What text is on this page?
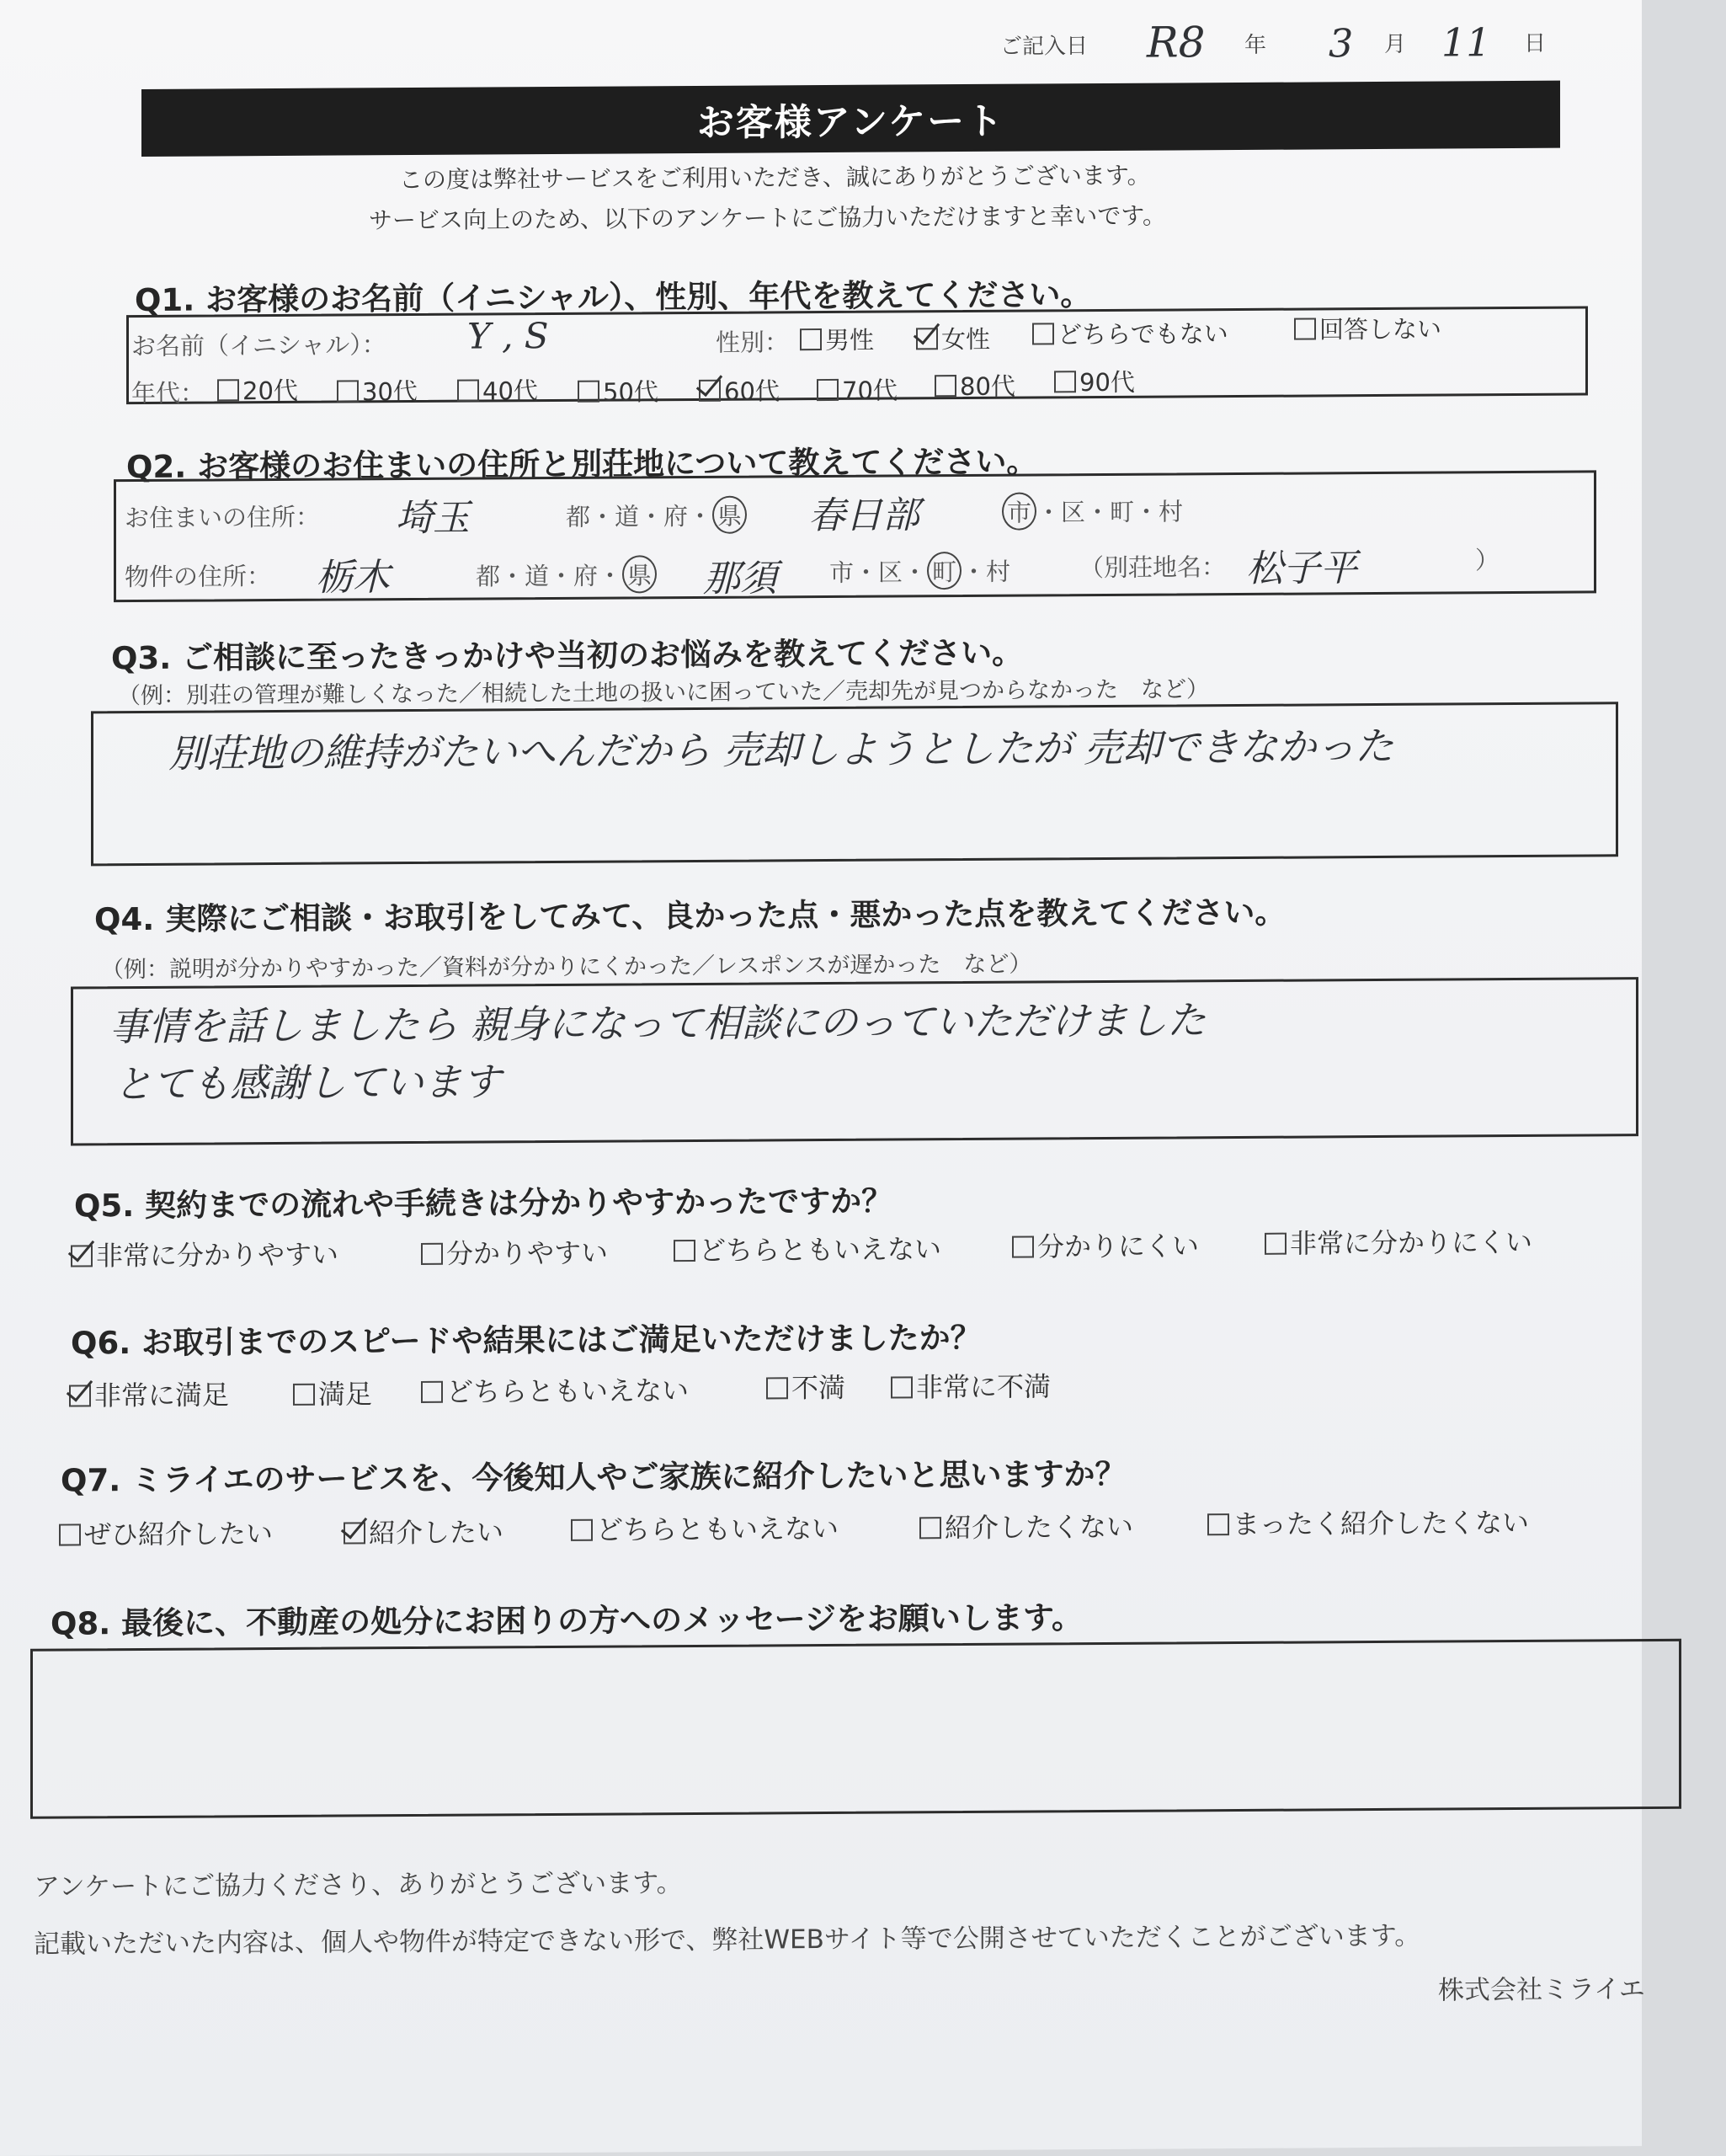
ご記入日 R8 年 3 月 11 日
お客様アンケート
この度は弊社サービスをご利用いただき、誠にありがとうございます。
サービス向上のため、以下のアンケートにご協力いただけますと幸いです。
Q1. お客様のお名前（イニシャル）、性別、年代を教えてください。
お名前（イニシャル）： Y , S	性別：	男性	女性	どちらでもない	回答しない
年代：	20代	30代	40代	50代	60代	70代	80代	90代
Q2. お客様のお住まいの住所と別荘地について教えてください。
お住まいの住所： 埼玉	都・道・府・ 県 春日部	市 ・区・町・村
物件の住所： 栃木	都・道・府・ 県 那須 市・区・ 町 ・村	（別荘地名： 松子平	）
Q3. ご相談に至ったきっかけや当初のお悩みを教えてください。
（例：別荘の管理が難しくなった／相続した土地の扱いに困っていた／売却先が見つからなかった　など）
別荘地の維持がたいへんだから 売却しようとしたが 売却できなかった
Q4. 実際にご相談・お取引をしてみて、良かった点・悪かった点を教えてください。
（例：説明が分かりやすかった／資料が分かりにくかった／レスポンスが遅かった　など）
事情を話しましたら 親身になって相談にのっていただけました
とても感謝しています
Q5. 契約までの流れや手続きは分かりやすかったですか？
非常に分かりやすい	分かりやすい	どちらともいえない	分かりにくい	非常に分かりにくい
Q6. お取引までのスピードや結果にはご満足いただけましたか？
非常に満足	満足	どちらともいえない	不満	非常に不満
Q7. ミライエのサービスを、今後知人やご家族に紹介したいと思いますか？
ぜひ紹介したい	紹介したい	どちらともいえない	紹介したくない	まったく紹介したくない
Q8. 最後に、不動産の処分にお困りの方へのメッセージをお願いします。
アンケートにご協力くださり、ありがとうございます。
記載いただいた内容は、個人や物件が特定できない形で、弊社WEBサイト等で公開させていただくことがございます。
株式会社ミライエ
